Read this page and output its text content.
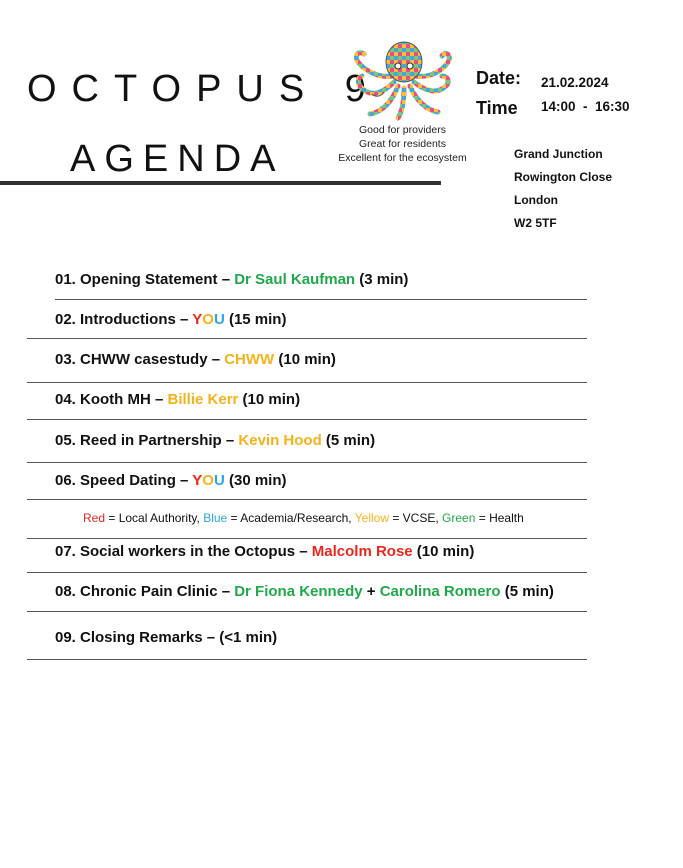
OCTOPUS 9
AGENDA
Good for providers
Great for residents
Excellent for the ecosystem
Date: 21.02.2024
Time 14:00  -  16:30
Grand Junction
Rowington Close
London
W2 5TF
01. Opening Statement – Dr Saul Kaufman (3 min)
02. Introductions – YOU (15 min)
03. CHWW casestudy – CHWW (10 min)
04. Kooth MH – Billie Kerr (10 min)
05. Reed in Partnership – Kevin Hood (5 min)
06. Speed Dating – YOU (30 min)
Red = Local Authority, Blue = Academia/Research, Yellow = VCSE, Green = Health
07. Social workers in the Octopus – Malcolm Rose (10 min)
08. Chronic Pain Clinic – Dr Fiona Kennedy + Carolina Romero (5 min)
09. Closing Remarks – (<1 min)
